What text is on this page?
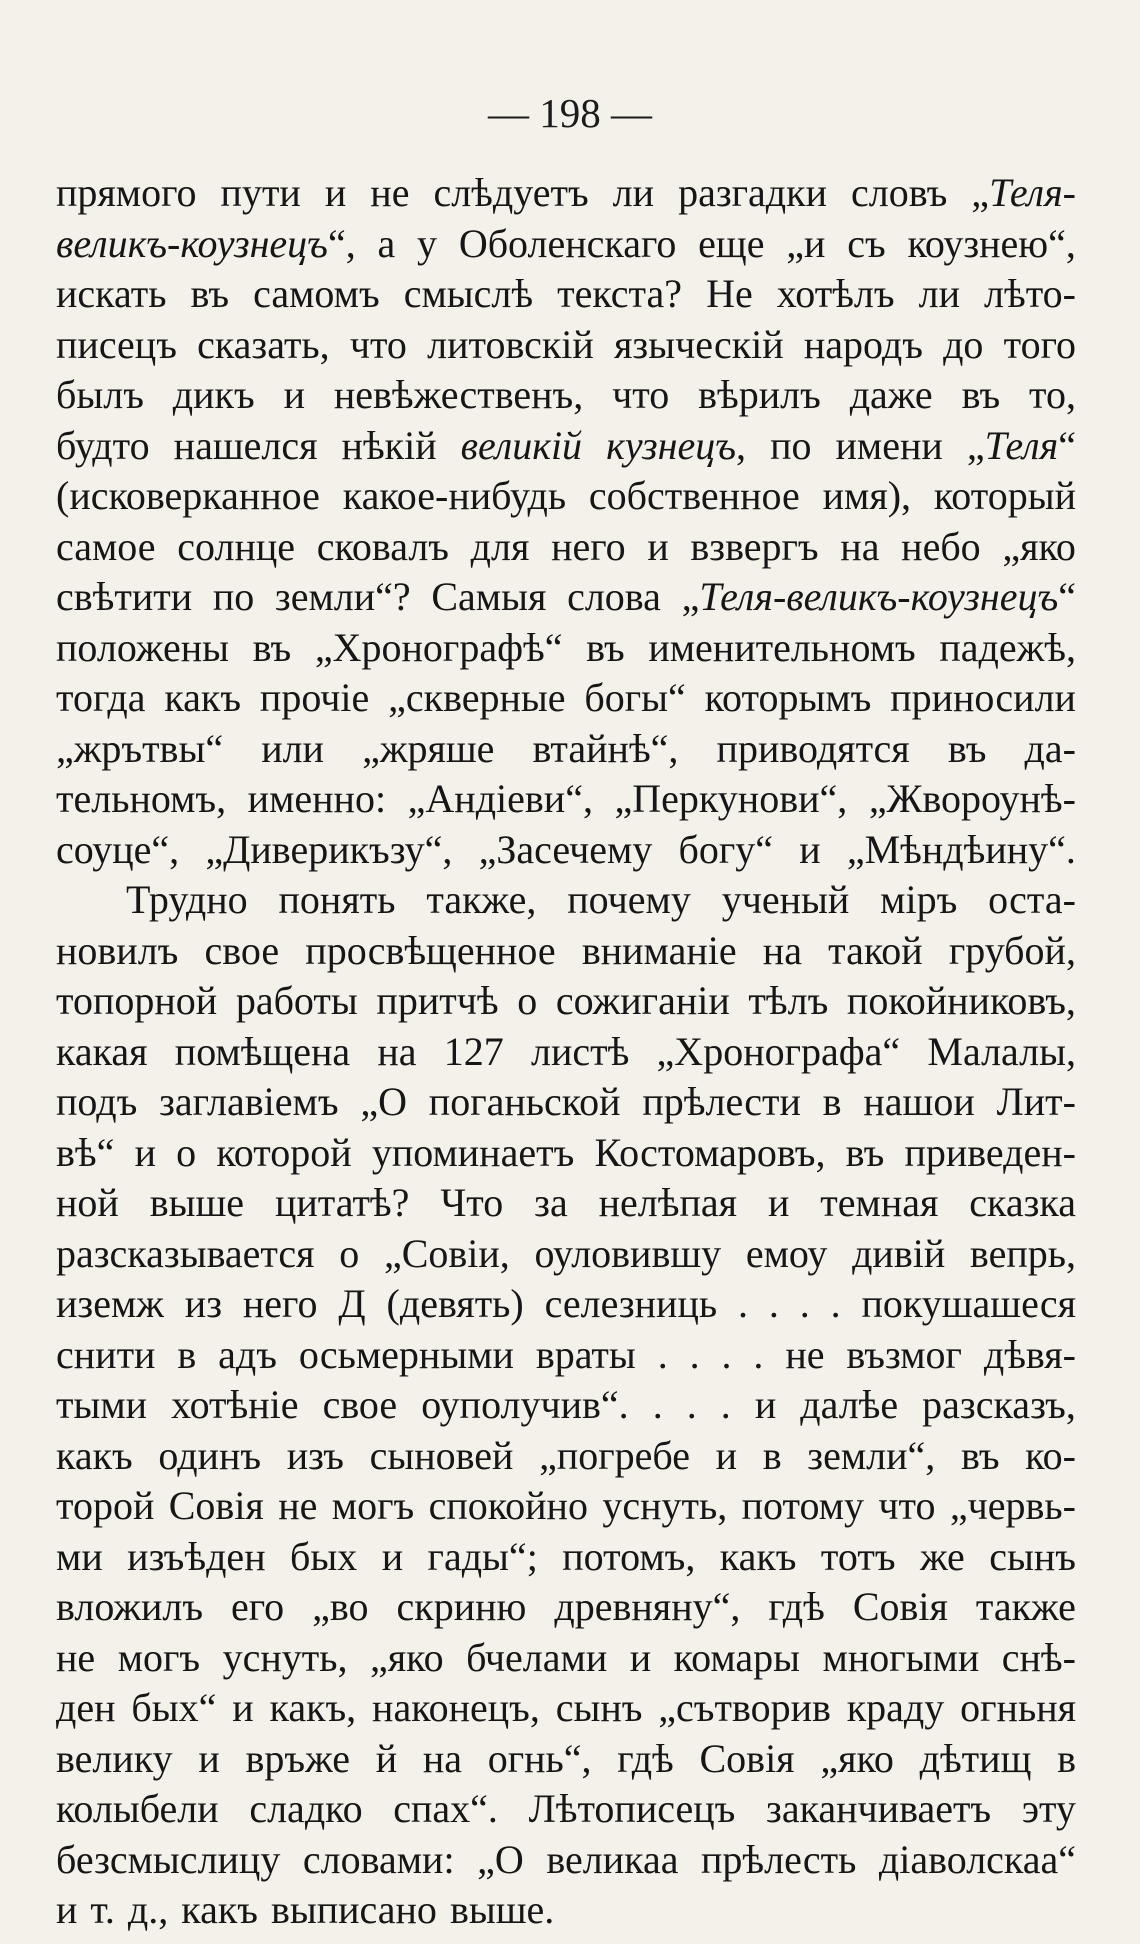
— 198 —
прямого пути и не слѣдуетъ ли разгадки словъ „Теля-
великъ-коузнецъ“, а у Оболенскаго еще „и съ коузнею“,
искать въ самомъ смыслѣ текста? Не хотѣлъ ли лѣто-
писецъ сказать, что литовскій языческій народъ до того
былъ дикъ и невѣжественъ, что вѣрилъ даже въ то,
будто нашелся нѣкій великій кузнецъ, по имени „Теля“
(исковерканное какое-нибудь собственное имя), который
самое солнце сковалъ для него и взвергъ на небо „яко
свѣтити по земли“? Самыя слова „Теля-великъ-коузнецъ“
положены въ „Хронографѣ“ въ именительномъ падежѣ,
тогда какъ прочіе „скверные богы“ которымъ приносили
„жрътвы“ или „жряше втайнѣ“, приводятся въ да-
тельномъ, именно: „Андіеви“, „Перкунови“, „Жвороунѣ-
соуце“, „Диверикъзу“, „Засечему богу“ и „Мѣндѣину“.
Трудно понять также, почему ученый міръ оста-
новилъ свое просвѣщенное вниманіе на такой грубой,
топорной работы притчѣ о сожиганіи тѣлъ покойниковъ,
какая помѣщена на 127 листѣ „Хронографа“ Малалы,
подъ заглавіемъ „О поганьской прѣлести в нашои Лит-
вѣ“ и о которой упоминаетъ Костомаровъ, въ приведен-
ной выше цитатѣ? Что за нелѣпая и темная сказка
разсказывается о „Совіи, оуловившу емоу дивій вепрь,
иземж из него Д (девять) селезниць . . . . покушашеся
снити в адъ осьмерными враты . . . . не възмог дѣвя-
тыми хотѣніе свое оуполучив“. . . . и далѣе разсказъ,
какъ одинъ изъ сыновей „погребе и в земли“, въ ко-
торой Совія не могъ спокойно уснуть, потому что „червь-
ми изъѣден бых и гады“; потомъ, какъ тотъ же сынъ
вложилъ его „во скриню древняну“, гдѣ Совія также
не могъ уснуть, „яко бчелами и комары многыми снѣ-
ден бых“ и какъ, наконецъ, сынъ „сътворив краду огньня
велику и връже й на огнь“, гдѣ Совія „яко дѣтищ в
колыбели сладко спах“. Лѣтописецъ заканчиваетъ эту
безсмыслицу словами: „О великаа прѣлесть діаволскаа“
и т. д., какъ выписано выше.
